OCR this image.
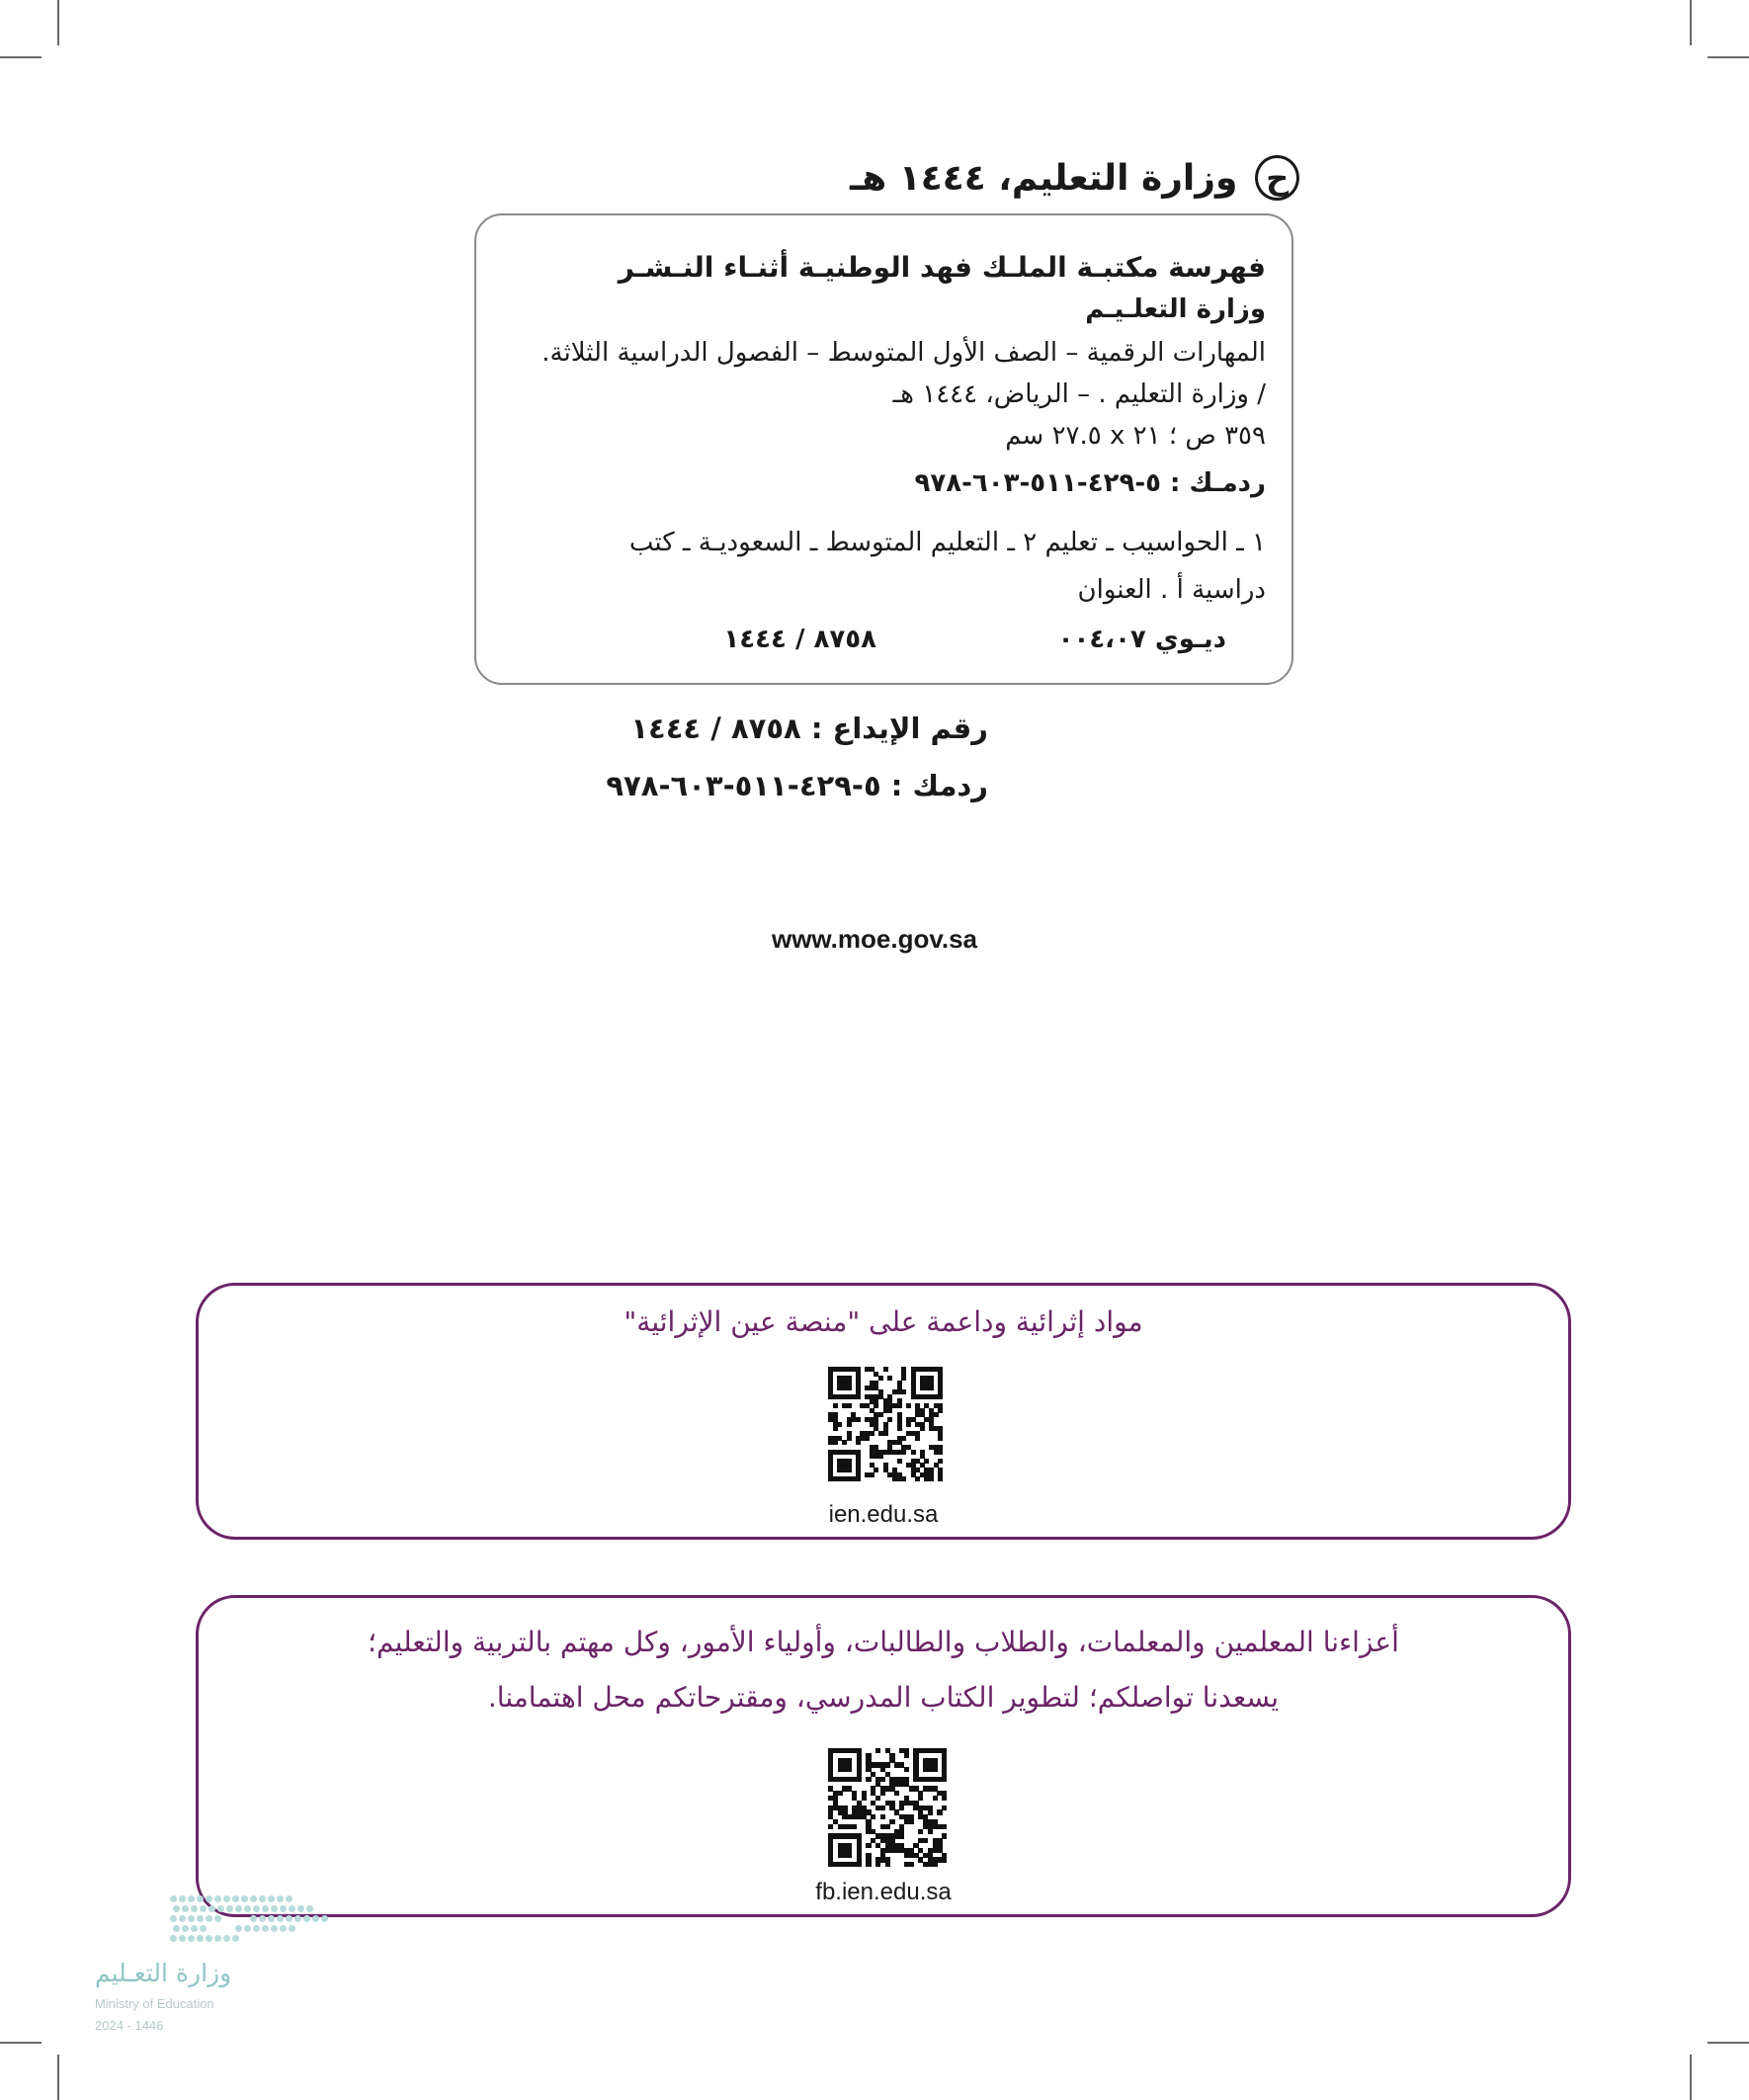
ح
وزارة التعليم، ١٤٤٤ هـ
فهرسة مكتبـة الملـك فهد الوطنيـة أثنـاء النـشـر
وزارة التعلـيـم
المهارات الرقمية – الصف الأول المتوسط – الفصول الدراسية الثلاثة.
/ وزارة التعليم . – الرياض، ١٤٤٤ هـ
٣٥٩ ص ؛ ٢١ x ٢٧.٥ سم
ردمـك : ٥-٤٢٩-٥١١-٦٠٣-٩٧٨
١ ـ الحواسيب ـ تعليم ٢ ـ التعليم المتوسط ـ السعوديـة ـ كتب
دراسية أ . العنوان
ديـوي ٠٠٤،٠٧
٨٧٥٨ / ١٤٤٤
رقم الإيداع : ٨٧٥٨ / ١٤٤٤
ردمك : ٥-٤٢٩-٥١١-٦٠٣-٩٧٨
www.moe.gov.sa
مواد إثرائية وداعمة على "منصة عين الإثرائية"
ien.edu.sa
أعزاءنا المعلمين والمعلمات، والطلاب والطالبات، وأولياء الأمور، وكل مهتم بالتربية والتعليم؛
يسعدنا تواصلكم؛ لتطوير الكتاب المدرسي، ومقترحاتكم محل اهتمامنا.
fb.ien.edu.sa
وزارة التعـليم
Ministry of Education
2024 - 1446
